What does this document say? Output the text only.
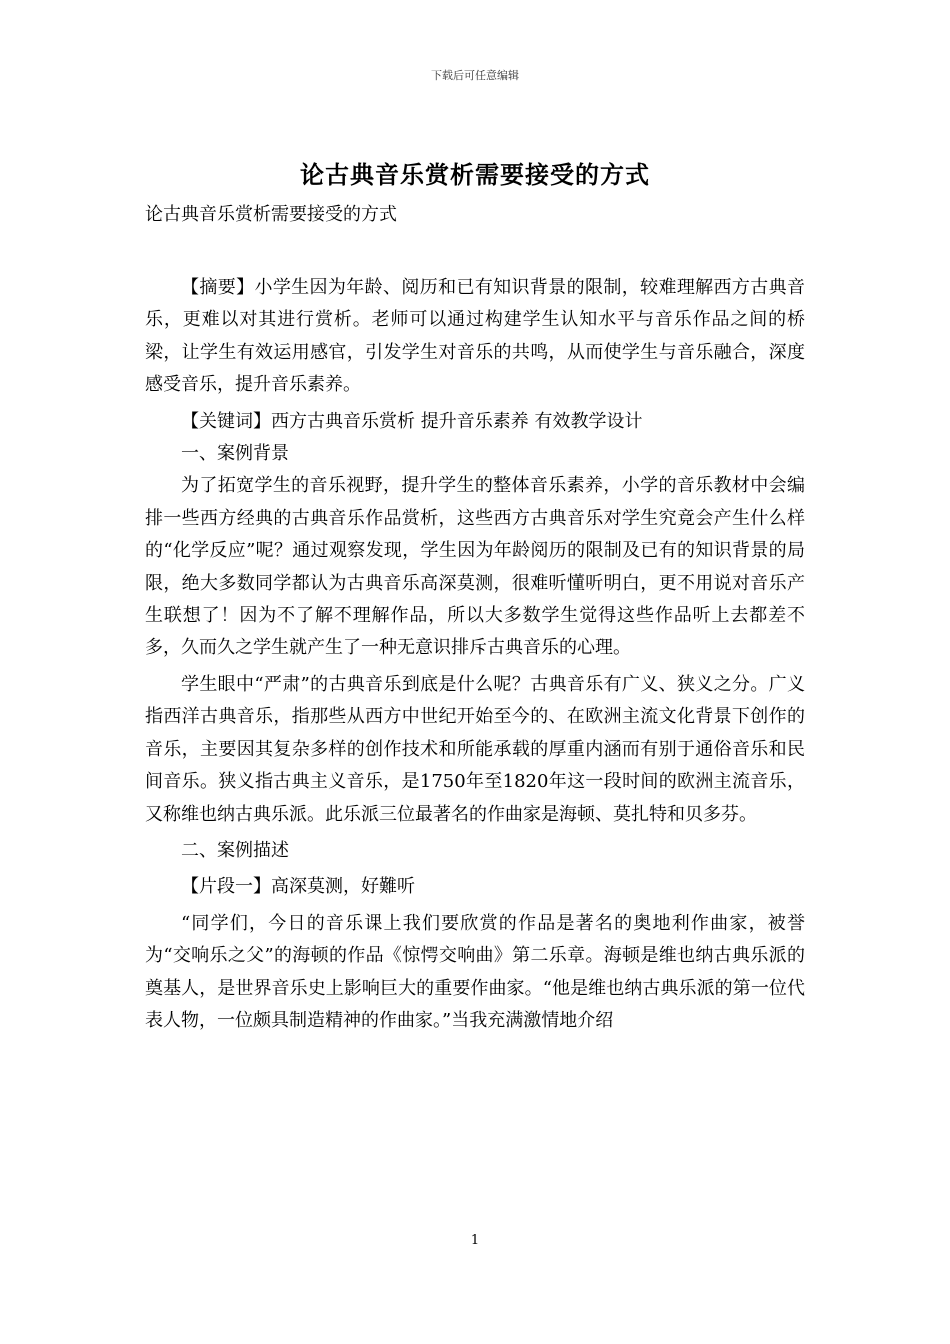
下载后可任意编辑
论古典音乐赏析需要接受的方式
论古典音乐赏析需要接受的方式

【摘要】小学生因为年龄、阅历和已有知识背景的限制，较难理解西方古典音乐，更难以对其进行赏析。老师可以通过构建学生认知水平与音乐作品之间的桥梁，让学生有效运用感官，引发学生对音乐的共鸣，从而使学生与音乐融合，深度感受音乐，提升音乐素养。

【关键词】西方古典音乐赏析 提升音乐素养 有效教学设计

一、案例背景

为了拓宽学生的音乐视野，提升学生的整体音乐素养，小学的音乐教材中会编排一些西方经典的古典音乐作品赏析，这些西方古典音乐对学生究竟会产生什么样的“化学反应”呢？通过观察发现，学生因为年龄阅历的限制及已有的知识背景的局限，绝大多数同学都认为古典音乐高深莫测，很难听懂听明白，更不用说对音乐产生联想了！因为不了解不理解作品，所以大多数学生觉得这些作品听上去都差不多，久而久之学生就产生了一种无意识排斥古典音乐的心理。

学生眼中“严肃”的古典音乐到底是什么呢？古典音乐有广义、狭义之分。广义指西洋古典音乐，指那些从西方中世纪开始至今的、在欧洲主流文化背景下创作的音乐，主要因其复杂多样的创作技术和所能承载的厚重内涵而有别于通俗音乐和民间音乐。狭义指古典主义音乐，是1750年至1820年这一段时间的欧洲主流音乐，又称维也纳古典乐派。此乐派三位最著名的作曲家是海顿、莫扎特和贝多芬。

二、案例描述

【片段一】高深莫测，好難听

“同学们，今日的音乐课上我们要欣赏的作品是著名的奥地利作曲家，被誉为“交响乐之父”的海顿的作品《惊愕交响曲》第二乐章。海顿是维也纳古典乐派的奠基人，是世界音乐史上影响巨大的重要作曲家。“他是维也纳古典乐派的第一位代表人物，一位颇具制造精神的作曲家。”当我充满激情地介绍

1
